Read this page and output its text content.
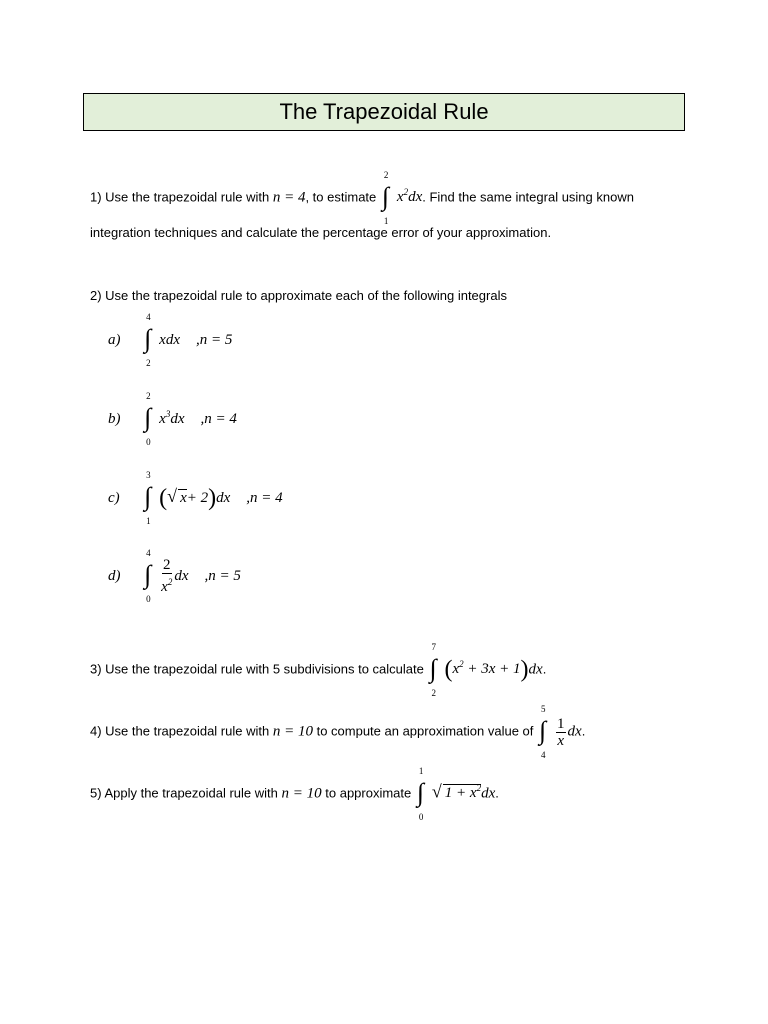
The Trapezoidal Rule
1) Use the trapezoidal rule with n = 4, to estimate
2
∫
1
$x^2dx$. Find the same integral using known
integration techniques and calculate the percentage error of your approximation.
2) Use the trapezoidal rule to approximate each of the following integrals
a)
4
∫
2
xdx ,n = 5
b)
2
∫
0
$x^3dx$ ,n = 4
c)
3
∫
1
(√ x+ 2)dx ,n = 4
d)
4
∫
0
$\frac{2}{x^2}$ dx ,n = 5
3) Use the trapezoidal rule with 5 subdivisions to calculate
7
∫
2
$(x^2 + 3x + 1)dx$.
4) Use the trapezoidal rule with n = 10 to compute an approximation value of
5
∫
4
$\frac{1}{x}$ dx.
5) Apply the trapezoidal rule with n = 10 to approximate
1
∫
0
√ $1 + x^2dx$.
